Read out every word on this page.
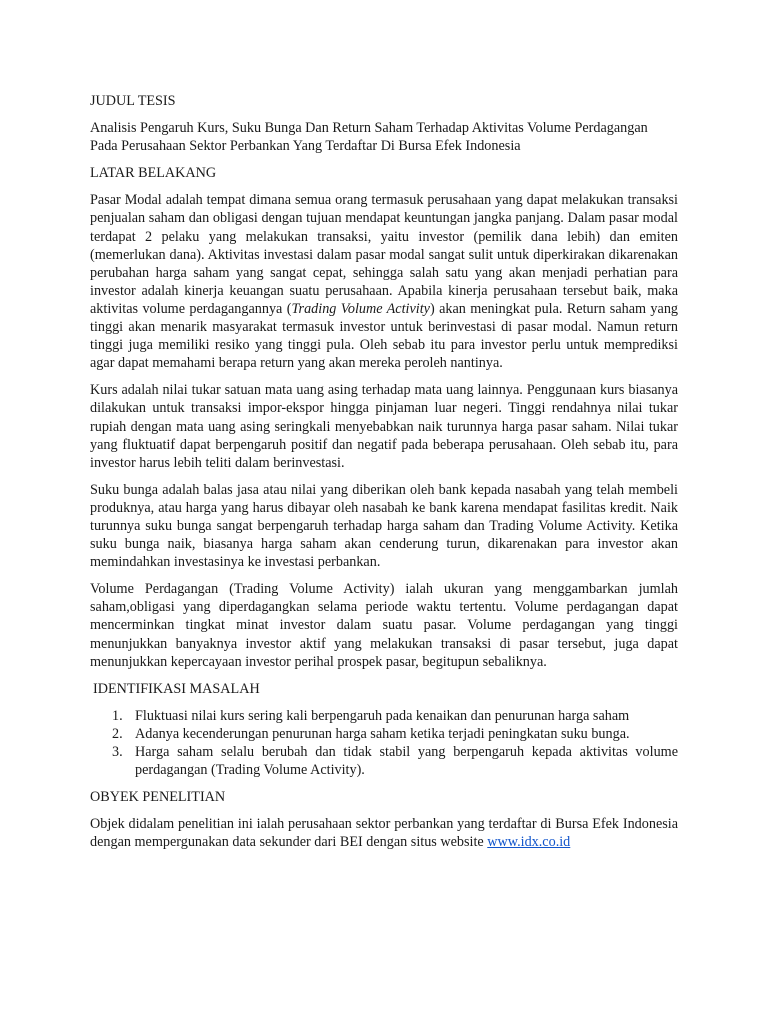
JUDUL TESIS
Analisis Pengaruh Kurs, Suku Bunga Dan Return Saham Terhadap Aktivitas Volume Perdagangan
Pada Perusahaan Sektor Perbankan Yang Terdaftar Di Bursa Efek Indonesia
LATAR BELAKANG

Pasar Modal adalah tempat dimana semua orang termasuk perusahaan yang dapat melakukan transaksi penjualan saham dan obligasi dengan tujuan mendapat keuntungan jangka panjang. Dalam pasar modal terdapat 2 pelaku yang melakukan transaksi, yaitu investor (pemilik dana lebih) dan emiten (memerlukan dana). Aktivitas investasi dalam pasar modal sangat sulit untuk diperkirakan dikarenakan perubahan harga saham yang sangat cepat, sehingga salah satu yang akan menjadi perhatian para investor adalah kinerja keuangan suatu perusahaan. Apabila kinerja perusahaan tersebut baik, maka aktivitas volume perdagangannya (Trading Volume Activity) akan meningkat pula. Return saham yang tinggi akan menarik masyarakat termasuk investor untuk berinvestasi di pasar modal. Namun return tinggi juga memiliki resiko yang tinggi pula. Oleh sebab itu para investor perlu untuk memprediksi agar dapat memahami berapa return yang akan mereka peroleh nantinya.

Kurs adalah nilai tukar satuan mata uang asing terhadap mata uang lainnya. Penggunaan kurs biasanya dilakukan untuk transaksi impor-ekspor hingga pinjaman luar negeri. Tinggi rendahnya nilai tukar rupiah dengan mata uang asing seringkali menyebabkan naik turunnya harga pasar saham. Nilai tukar yang fluktuatif dapat berpengaruh positif dan negatif pada beberapa perusahaan. Oleh sebab itu, para investor harus lebih teliti dalam berinvestasi.

Suku bunga adalah balas jasa atau nilai yang diberikan oleh bank kepada nasabah yang telah membeli produknya, atau harga yang harus dibayar oleh nasabah ke bank karena mendapat fasilitas kredit. Naik turunnya suku bunga sangat berpengaruh terhadap harga saham dan Trading Volume Activity. Ketika suku bunga naik, biasanya harga saham akan cenderung turun, dikarenakan para investor akan memindahkan investasinya ke investasi perbankan.

Volume Perdagangan (Trading Volume Activity) ialah ukuran yang menggambarkan jumlah saham,obligasi yang diperdagangkan selama periode waktu tertentu. Volume perdagangan dapat mencerminkan tingkat minat investor dalam suatu pasar. Volume perdagangan yang tinggi menunjukkan banyaknya investor aktif yang melakukan transaksi di pasar tersebut, juga dapat menunjukkan kepercayaan investor perihal prospek pasar, begitupun sebaliknya.

IDENTIFIKASI MASALAH
1. Fluktuasi nilai kurs sering kali berpengaruh pada kenaikan dan penurunan harga saham
2. Adanya kecenderungan penurunan harga saham ketika terjadi peningkatan suku bunga.
3. Harga saham selalu berubah dan tidak stabil yang berpengaruh kepada aktivitas volume perdagangan (Trading Volume Activity).
OBYEK PENELITIAN

Objek didalam penelitian ini ialah perusahaan sektor perbankan yang terdaftar di Bursa Efek Indonesia dengan mempergunakan data sekunder dari BEI dengan situs website www.idx.co.id
